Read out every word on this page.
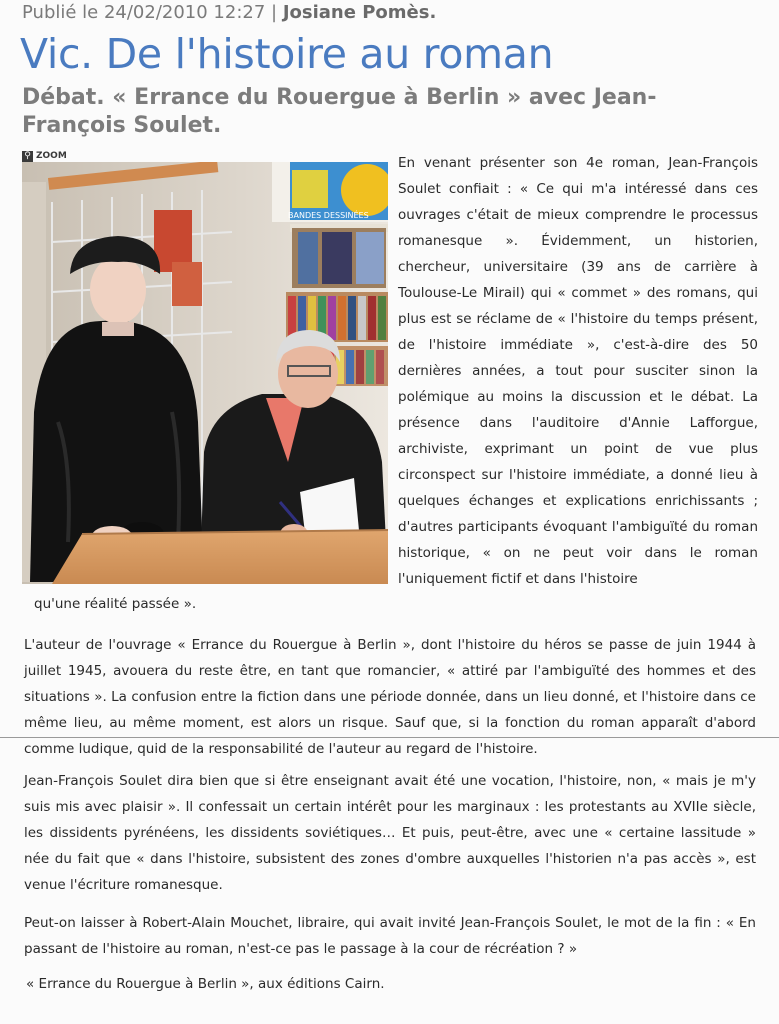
Publié le 24/02/2010 12:27 | Josiane Pomès.
Vic. De l'histoire au roman
Débat. « Errance du Rouergue à Berlin » avec Jean-François Soulet.
⚲ ZOOM
BANDES DESSINÉES

En venant présenter son 4e roman, Jean-François Soulet confiait : « Ce qui m'a intéressé dans ces ouvrages c'était de mieux comprendre le processus romanesque ». Évidemment, un historien, chercheur, universitaire (39 ans de carrière à Toulouse-Le Mirail) qui « commet » des romans, qui plus est se réclame de « l'histoire du temps présent, de l'histoire immédiate », c'est-à-dire des 50 dernières années, a tout pour susciter sinon la polémique au moins la discussion et le débat. La présence dans l'auditoire d'Annie Lafforgue, archiviste, exprimant un point de vue plus circonspect sur l'histoire immédiate, a donné lieu à quelques échanges et explications enrichissants ; d'autres participants évoquant l'ambiguïté du roman historique, « on ne peut voir dans le roman l'uniquement fictif et dans l'histoire

qu'une réalité passée ».

L'auteur de l'ouvrage « Errance du Rouergue à Berlin », dont l'histoire du héros se passe de juin 1944 à juillet 1945, avouera du reste être, en tant que romancier, « attiré par l'ambiguïté des hommes et des situations ». La confusion entre la fiction dans une période donnée, dans un lieu donné, et l'histoire dans ce même lieu, au même moment, est alors un risque. Sauf que, si la fonction du roman apparaît d'abord comme ludique, quid de la responsabilité de l'auteur au regard de l'histoire.

Jean-François Soulet dira bien que si être enseignant avait été une vocation, l'histoire, non, « mais je m'y suis mis avec plaisir ». Il confessait un certain intérêt pour les marginaux : les protestants au XVIIe siècle, les dissidents pyrénéens, les dissidents soviétiques… Et puis, peut-être, avec une « certaine lassitude » née du fait que « dans l'histoire, subsistent des zones d'ombre auxquelles l'historien n'a pas accès », est venue l'écriture romanesque.

Peut-on laisser à Robert-Alain Mouchet, libraire, qui avait invité Jean-François Soulet, le mot de la fin : « En passant de l'histoire au roman, n'est-ce pas le passage à la cour de récréation ? »

« Errance du Rouergue à Berlin », aux éditions Cairn.
